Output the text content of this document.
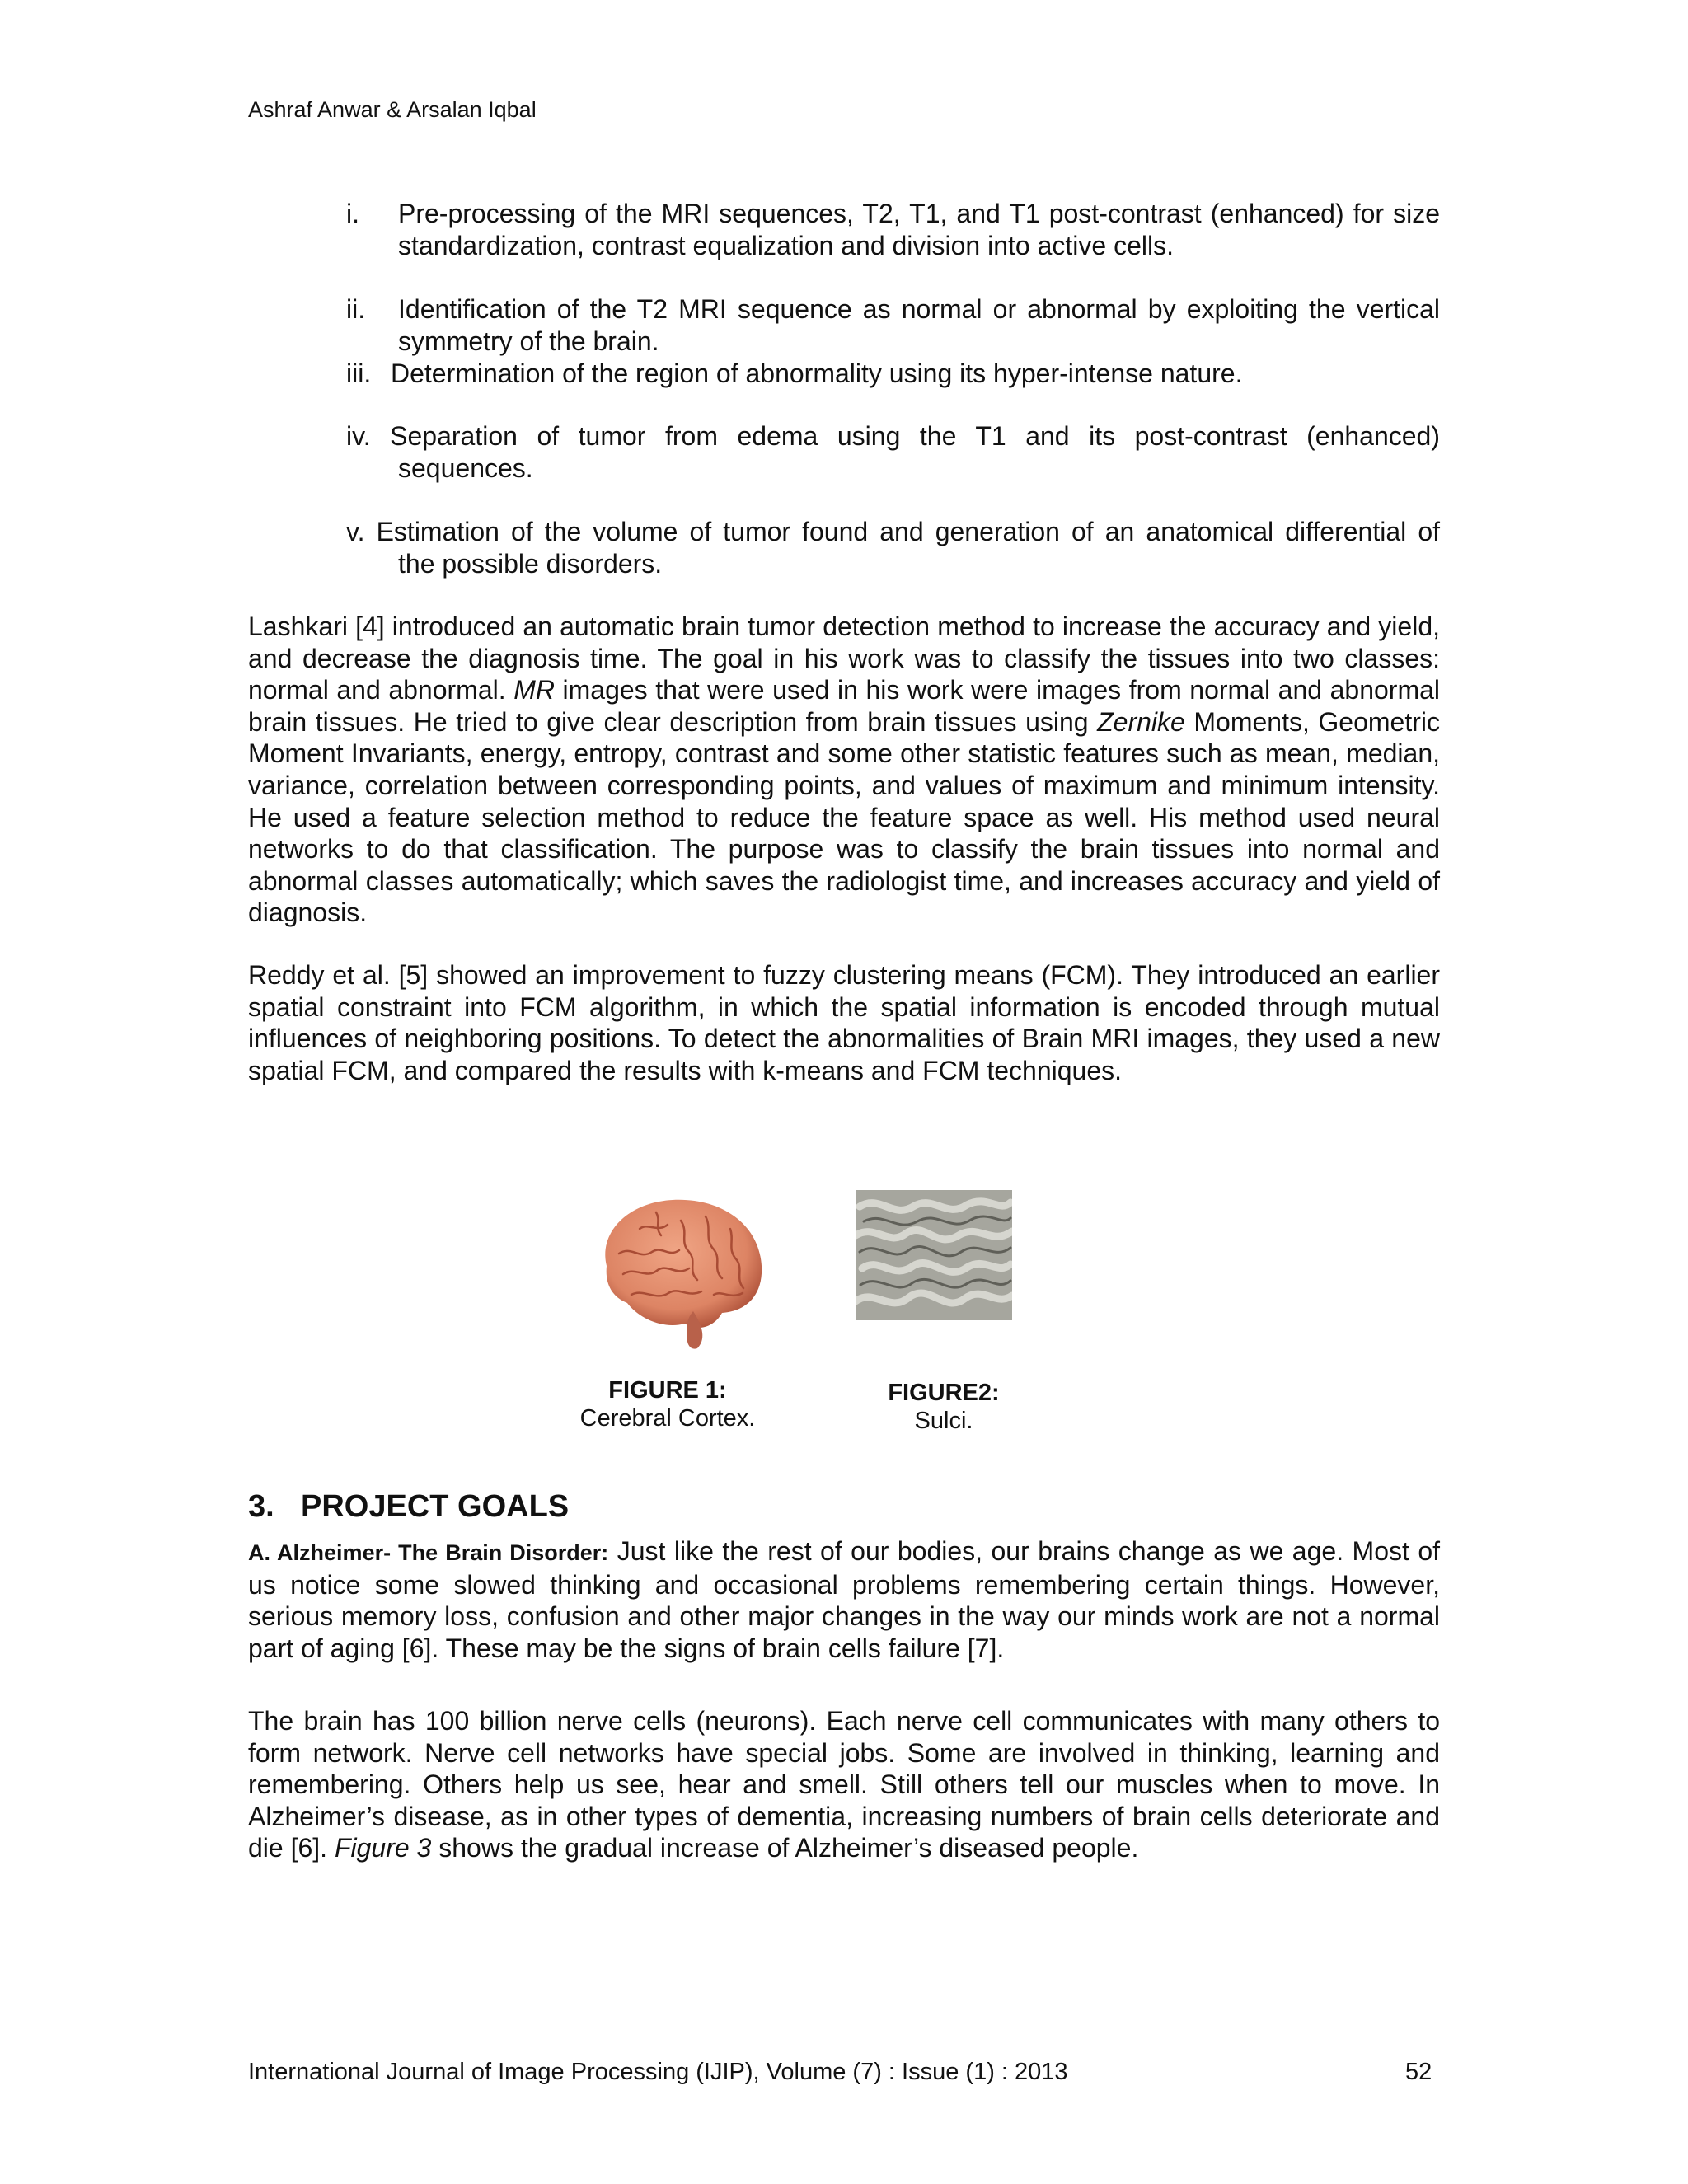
Ashraf Anwar & Arsalan Iqbal
i.	Pre-processing of the MRI sequences, T2, T1, and T1 post-contrast (enhanced) for size standardization, contrast equalization and division into active cells.
ii.	Identification of the T2 MRI sequence as normal or abnormal by exploiting the vertical symmetry of the brain.
iii. Determination of the region of abnormality using its hyper-intense nature.
iv. Separation of tumor from edema using the T1 and its post-contrast (enhanced)
sequences.
v. Estimation of the volume of tumor found and generation of an anatomical differential of
the possible disorders.

Lashkari [4] introduced an automatic brain tumor detection method to increase the accuracy and yield, and decrease the diagnosis time. The goal in his work was to classify the tissues into two classes: normal and abnormal. MR images that were used in his work were images from normal and abnormal brain tissues. He tried to give clear description from brain tissues using Zernike Moments, Geometric Moment Invariants, energy, entropy, contrast and some other statistic features such as mean, median, variance, correlation between corresponding points, and values of maximum and minimum intensity. He used a feature selection method to reduce the feature space as well. His method used neural networks to do that classification. The purpose was to classify the brain tissues into normal and abnormal classes automatically; which saves the radiologist time, and increases accuracy and yield of diagnosis.

Reddy et al. [5] showed an improvement to fuzzy clustering means (FCM). They introduced an earlier spatial constraint into FCM algorithm, in which the spatial information is encoded through mutual influences of neighboring positions. To detect the abnormalities of Brain MRI images, they used a new spatial FCM, and compared the results with k-means and FCM techniques.

FIGURE 1:
Cerebral Cortex.
FIGURE2:
Sulci.
3. PROJECT GOALS

A. Alzheimer- The Brain Disorder: Just like the rest of our bodies, our brains change as we age. Most of us notice some slowed thinking and occasional problems remembering certain things. However, serious memory loss, confusion and other major changes in the way our minds work are not a normal part of aging [6]. These may be the signs of brain cells failure [7].

The brain has 100 billion nerve cells (neurons). Each nerve cell communicates with many others to form network. Nerve cell networks have special jobs. Some are involved in thinking, learning and remembering. Others help us see, hear and smell. Still others tell our muscles when to move. In Alzheimer’s disease, as in other types of dementia, increasing numbers of brain cells deteriorate and die [6]. Figure 3 shows the gradual increase of Alzheimer’s diseased people.

International Journal of Image Processing (IJIP), Volume (7) : Issue (1) : 2013	52
